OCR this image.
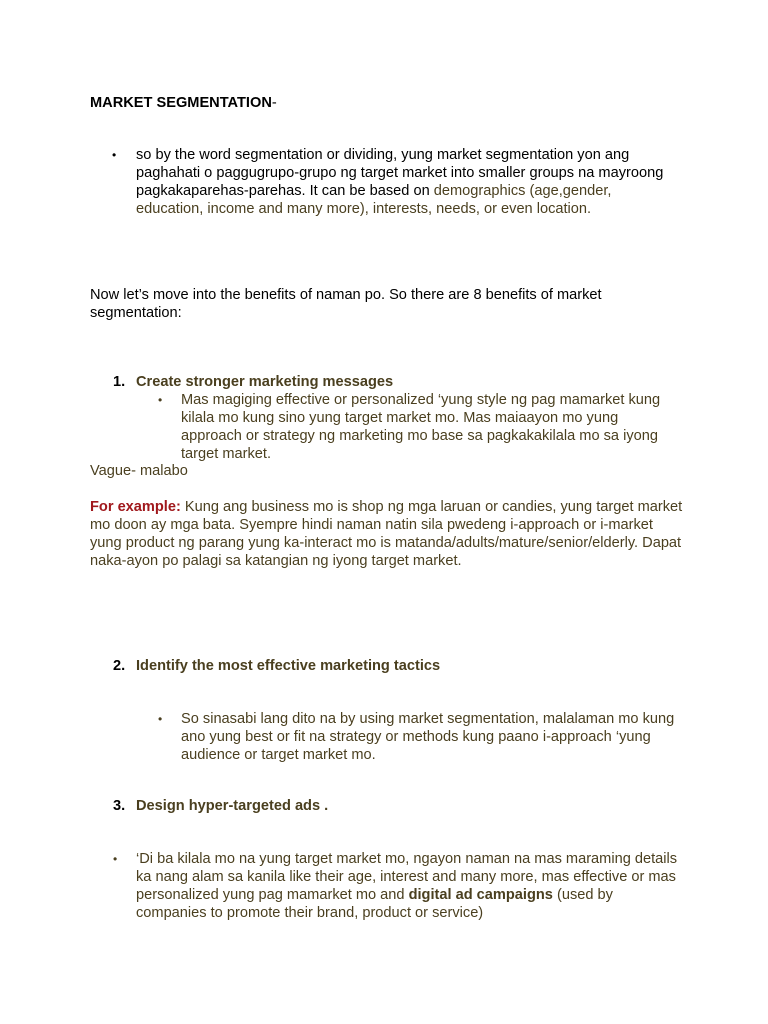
MARKET SEGMENTATION-
• so by the word segmentation or dividing, yung market segmentation yon ang paghahati o paggugrupo-grupo ng target market into smaller groups na mayroong pagkakaparehas-parehas. It can be based on demographics (age,gender, education, income and many more), interests, needs, or even location.

Now let’s move into the benefits of naman po. So there are 8 benefits of market segmentation:

1. Create stronger marketing messages
• Mas magiging effective or personalized ‘yung style ng pag mamarket kung kilala mo kung sino yung target market mo. Mas maiaayon mo yung approach or strategy ng marketing mo base sa pagkakakilala mo sa iyong target market.

Vague- malabo

For example: Kung ang business mo is shop ng mga laruan or candies, yung target market mo doon ay mga bata. Syempre hindi naman natin sila pwedeng i-approach or i-market yung product ng parang yung ka-interact mo is matanda/adults/mature/senior/elderly. Dapat naka-ayon po palagi sa katangian ng iyong target market.

2. Identify the most effective marketing tactics
• So sinasabi lang dito na by using market segmentation, malalaman mo kung ano yung best or fit na strategy or methods kung paano i-approach ‘yung audience or target market mo.

3. Design hyper-targeted ads .
• ‘Di ba kilala mo na yung target market mo, ngayon naman na mas maraming details ka nang alam sa kanila like their age, interest and many more, mas effective or mas personalized yung pag mamarket mo and digital ad campaigns (used by companies to promote their brand, product or service)
